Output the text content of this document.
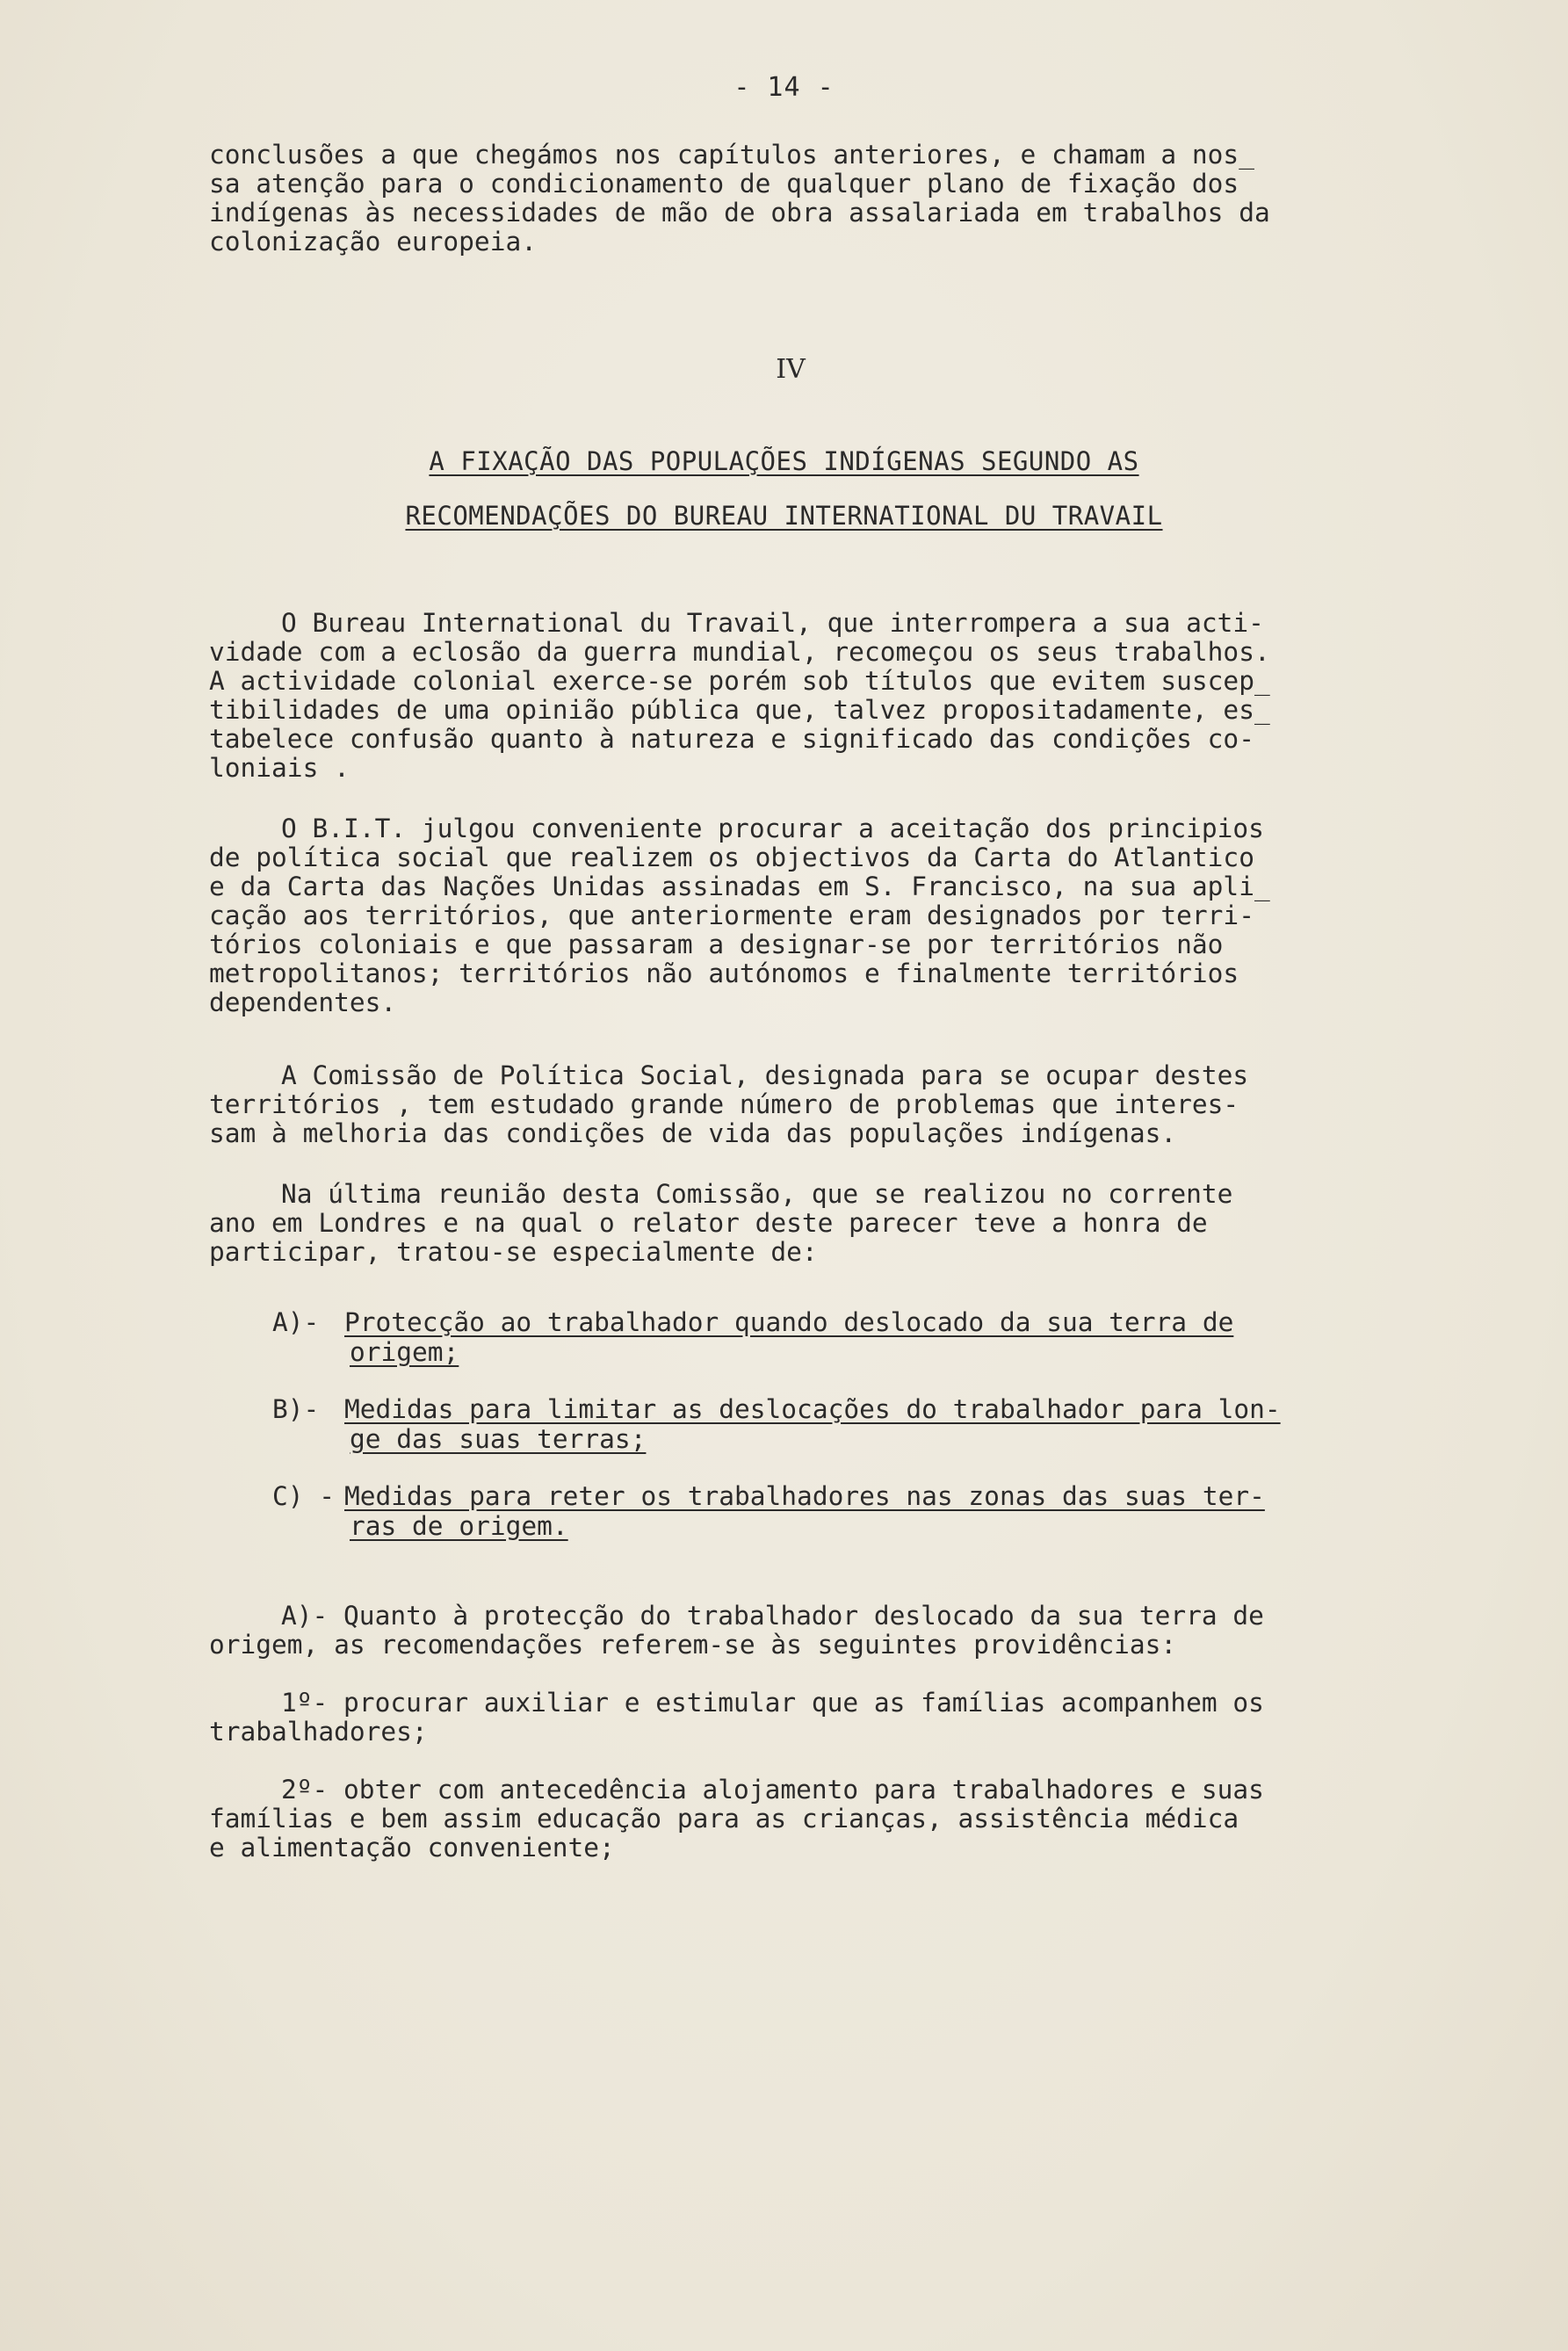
- 14 -
conclusões a que chegámos nos capítulos anteriores, e chamam a nos_
sa atenção para o condicionamento de qualquer plano de fixação dos
indígenas às necessidades de mão de obra assalariada em trabalhos da
colonização europeia.
IV
A FIXAÇÃO DAS POPULAÇÕES INDÍGENAS SEGUNDO AS
RECOMENDAÇÕES DO BUREAU INTERNATIONAL DU TRAVAIL
O Bureau International du Travail, que interrompera a sua acti-
vidade com a eclosão da guerra mundial, recomeçou os seus trabalhos.
A actividade colonial exerce-se porém sob títulos que evitem suscep_
tibilidades de uma opinião pública que, talvez propositadamente, es_
tabelece confusão quanto à natureza e significado das condições co-
loniais .
O B.I.T. julgou conveniente procurar a aceitação dos principios
de política social que realizem os objectivos da Carta do Atlantico
e da Carta das Nações Unidas assinadas em S. Francisco, na sua apli_
cação aos territórios, que anteriormente eram designados por terri-
tórios coloniais e que passaram a designar-se por territórios não
metropolitanos; territórios não autónomos e finalmente territórios
dependentes.
A Comissão de Política Social, designada para se ocupar destes
territórios , tem estudado grande número de problemas que interes-
sam à melhoria das condições de vida das populações indígenas.
Na última reunião desta Comissão, que se realizou no corrente
ano em Londres e na qual o relator deste parecer teve a honra de
participar, tratou-se especialmente de:
A)- Protecção ao trabalhador quando deslocado da sua terra de
origem;
B)- Medidas para limitar as deslocações do trabalhador para lon-
ge das suas terras;
C) - Medidas para reter os trabalhadores nas zonas das suas ter-
ras de origem.
A)- Quanto à protecção do trabalhador deslocado da sua terra de
origem, as recomendações referem-se às seguintes providências:
1º- procurar auxiliar e estimular que as famílias acompanhem os
trabalhadores;
2º- obter com antecedência alojamento para trabalhadores e suas
famílias e bem assim educação para as crianças, assistência médica
e alimentação conveniente;
